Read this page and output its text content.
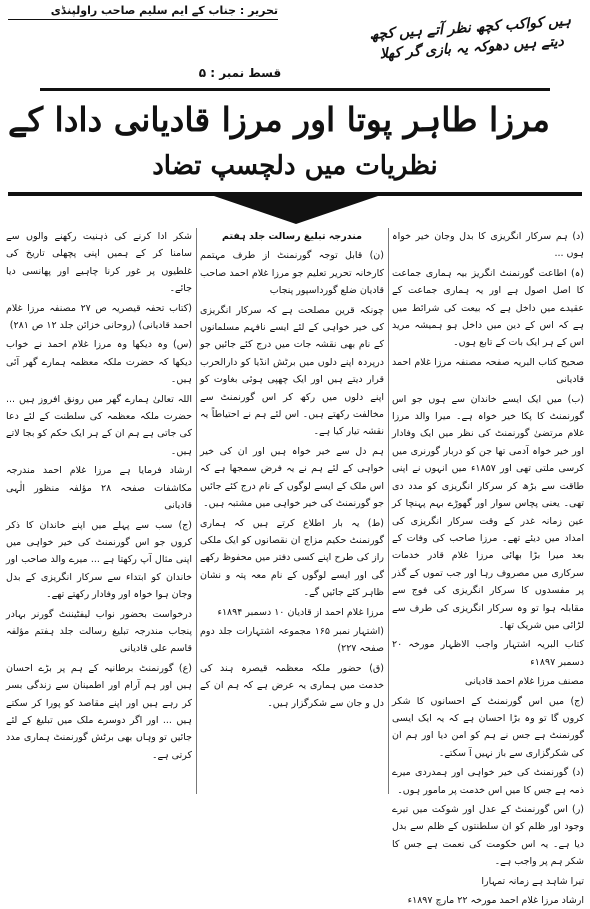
تحریر : جناب کے ایم سلیم صاحب راولپنڈی
ہیں کواکب کچھ نظر آتے ہیں کچھ دیتے ہیں دھوکہ یہ بازی گر کھلا
قسط نمبر : ۵
مرزا طاہر پوتا اور مرزا قادیانی دادا کے
نظریات میں دلچسپ تضاد

(د) ہم سرکار انگریزی کا بدل وجان خیر خواہ ہوں ...

(ہ) اطاعت گورنمنٹ انگریز بیہ ہماری جماعت کا اصل اصول ہے اور یہ ہماری جماعت کے عقیدے میں داخل ہے کہ بیعت کی شرائط میں ہے کہ اس کے دین میں داخل ہو ہمیشہ مرید اس کے ہر ایک بات کے تابع ہوں۔

صحیح کتاب البریہ صفحہ مصنفہ مرزا غلام احمد قادیانی

(ب) میں ایک ایسے خاندان سے ہوں جو اس گورنمنٹ کا پکا خیر خواہ ہے۔ میرا والد مرزا غلام مرتضیٰ گورنمنٹ کی نظر میں ایک وفادار اور خیر خواہ آدمی تھا جن کو دربار گورنری میں کرسی ملتی تھی اور ۱۸۵۷ء میں انہوں نے اپنی طاقت سے بڑھ کر سرکار انگریزی کو مدد دی تھی۔ یعنی پچاس سوار اور گھوڑے بہم پہنچا کر عین زمانہ غدر کے وقت سرکار انگریزی کی امداد میں دیئے تھے۔ مرزا صاحب کی وفات کے بعد میرا بڑا بھائی مرزا غلام قادر خدمات سرکاری میں مصروف رہا اور جب تموں کے گذر پر مفسدوں کا سرکار انگریزی کی فوج سے مقابلہ ہوا تو وہ سرکار انگریزی کی طرف سے لڑائی میں شریک تھا۔

کتاب البریہ اشتہار واجب الاظہار مورخہ ۲۰ دسمبر ۱۸۹۷ء

مصنف مرزا غلام احمد قادیانی

(ج) میں اس گورنمنٹ کے احسانوں کا شکر کروں گا تو وہ بڑا احسان ہے کہ یہ ایک ایسی گورنمنٹ ہے جس نے ہم کو امن دیا اور ہم ان کی شکرگزاری سے باز نہیں آ سکتے۔

(د) گورنمنٹ کی خیر خواہی اور ہمدردی میرے ذمہ ہے جس کا میں اس خدمت پر مامور ہوں۔

(ر) اس گورنمنٹ کے عدل اور شوکت میں تیرے وجود اور ظلم کو ان سلطنتوں کے ظلم سے بدل دیا ہے۔ یہ اس حکومت کی نعمت ہے جس کا شکر ہم پر واجب ہے۔

تیرا شاہد ہے زمانہ تمہارا

ارشاد مرزا غلام احمد مورخہ ۲۲ مارچ ۱۸۹۷ء

مندرجہ تبلیغ رسالت جلد ہفتم

(ن) قابل توجہ گورنمنٹ از طرف مہتمم کارخانہ تحریر تعلیم جو مرزا غلام احمد صاحب قادیان ضلع گورداسپور پنجاب

چونکہ قرین مصلحت ہے کہ سرکار انگریزی کی خیر خواہی کے لئے ایسے نافہم مسلمانوں کے نام بھی نقشہ جات میں درج کئے جائیں جو درپردہ اپنے دلوں میں برٹش انڈیا کو دارالحرب قرار دیتے ہیں اور ایک چھپی ہوئی بغاوت کو اپنے دلوں میں رکھ کر اس گورنمنٹ سے مخالفت رکھتے ہیں۔ اس لئے ہم نے احتیاطاً یہ نقشہ تیار کیا ہے۔

ہم دل سے خیر خواہ ہیں اور ان کی خیر خواہی کے لئے ہم نے یہ فرض سمجھا ہے کہ اس ملک کے ایسے لوگوں کے نام درج کئے جائیں جو گورنمنٹ کی خیر خواہی میں مشتبہ ہیں۔

(ط) یہ بار اطلاع کرتے ہیں کہ ہماری گورنمنٹ حکیم مزاج ان نقصانوں کو ایک ملکی راز کی طرح اپنے کسی دفتر میں محفوظ رکھے گی اور ایسے لوگوں کے نام معہ پتہ و نشان ظاہر کئے جائیں گے۔

مرزا غلام احمد از قادیان ۱۰ دسمبر ۱۸۹۴ء

(اشتہار نمبر ۱۶۵ مجموعہ اشتہارات جلد دوم صفحہ ۲۲۷)

(ق) حضور ملکہ معظمہ قیصرہ ہند کی خدمت میں ہماری یہ عرض ہے کہ ہم ان کے دل و جان سے شکرگزار ہیں۔

شکر ادا کرنے کی ذہنیت رکھنے والوں سے سامنا کر کے ہمیں اپنی پچھلی تاریخ کی غلطیوں پر غور کرنا چاہیے اور پھانسی دیا جائے۔

(کتاب تحفہ قیصریہ ص ۲۷ مصنفہ مرزا غلام احمد قادیانی) (روحانی خزائن جلد ۱۲ ص ۲۸۱)

(س) وہ دیکھا وہ مرزا غلام احمد نے خواب دیکھا کہ حضرت ملکہ معظمہ ہمارے گھر آئی ہیں۔

اللہ تعالیٰ ہمارے گھر میں رونق افروز ہیں ... حضرت ملکہ معظمہ کی سلطنت کے لئے دعا کی جاتی ہے ہم ان کے ہر ایک حکم کو بجا لاتے ہیں۔

ارشاد فرمایا ہے مرزا غلام احمد مندرجہ مکاشفات صفحہ ۲۸ مؤلفہ منظور الٰہی قادیانی

(ج) سب سے پہلے میں اپنے خاندان کا ذکر کروں جو اس گورنمنٹ کی خیر خواہی میں اپنی مثال آپ رکھتا ہے ... میرے والد صاحب اور خاندان کو ابتداء سے سرکار انگریزی کے بدل وجان ہوا خواہ اور وفادار رکھتے تھے۔

درخواست بحضور نواب لیفٹیننٹ گورنر بہادر پنجاب مندرجہ تبلیغ رسالت جلد ہفتم مؤلفہ قاسم علی قادیانی

(ع) گورنمنٹ برطانیہ کے ہم پر بڑے احسان ہیں اور ہم آرام اور اطمینان سے زندگی بسر کر رہے ہیں اور اپنے مقاصد کو پورا کر سکتے ہیں ... اور اگر دوسرے ملک میں تبلیغ کے لئے جائیں تو وہاں بھی برٹش گورنمنٹ ہماری مدد کرتی ہے۔
